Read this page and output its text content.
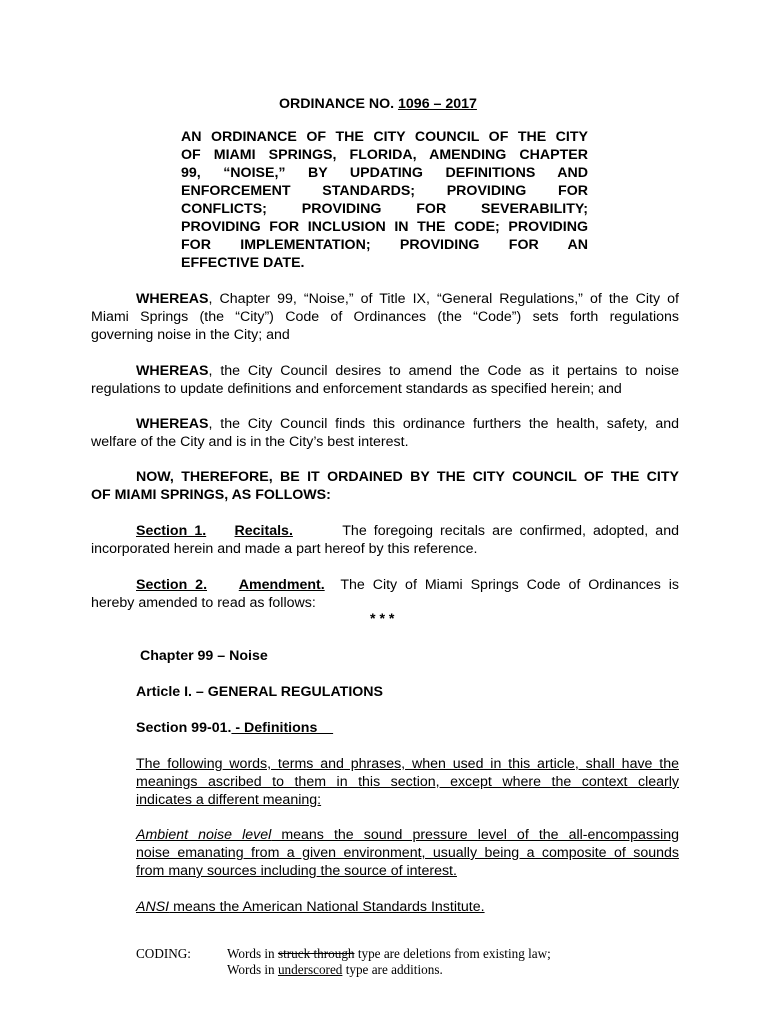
ORDINANCE NO. 1096 – 2017
AN ORDINANCE OF THE CITY COUNCIL OF THE CITY
OF MIAMI SPRINGS, FLORIDA, AMENDING CHAPTER
99, “NOISE,” BY UPDATING DEFINITIONS AND
ENFORCEMENT STANDARDS; PROVIDING FOR
CONFLICTS; PROVIDING FOR SEVERABILITY;
PROVIDING FOR INCLUSION IN THE CODE; PROVIDING
FOR IMPLEMENTATION; PROVIDING FOR AN
EFFECTIVE DATE.
WHEREAS, Chapter 99, “Noise,” of Title IX, “General Regulations,” of the City of
Miami Springs (the “City”) Code of Ordinances (the “Code”) sets forth regulations
governing noise in the City; and
WHEREAS, the City Council desires to amend the Code as it pertains to noise
regulations to update definitions and enforcement standards as specified herein; and
WHEREAS, the City Council finds this ordinance furthers the health, safety, and
welfare of the City and is in the City’s best interest.
NOW, THEREFORE, BE IT ORDAINED BY THE CITY COUNCIL OF THE CITY
OF MIAMI SPRINGS, AS FOLLOWS:
Section 1. Recitals.	The foregoing recitals are confirmed, adopted, and
incorporated herein and made a part hereof by this reference.
Section 2. Amendment. The City of Miami Springs Code of Ordinances is
hereby amended to read as follows:
* * *
Chapter 99 – Noise
Article I. – GENERAL REGULATIONS
Section 99-01. - Definitions
The following words, terms and phrases, when used in this article, shall have the
meanings ascribed to them in this section, except where the context clearly
indicates a different meaning:
Ambient noise level means the sound pressure level of the all-encompassing
noise emanating from a given environment, usually being a composite of sounds
from many sources including the source of interest.
ANSI means the American National Standards Institute.
CODING:	Words in struck through type are deletions from existing law;
Words in underscored type are additions.
